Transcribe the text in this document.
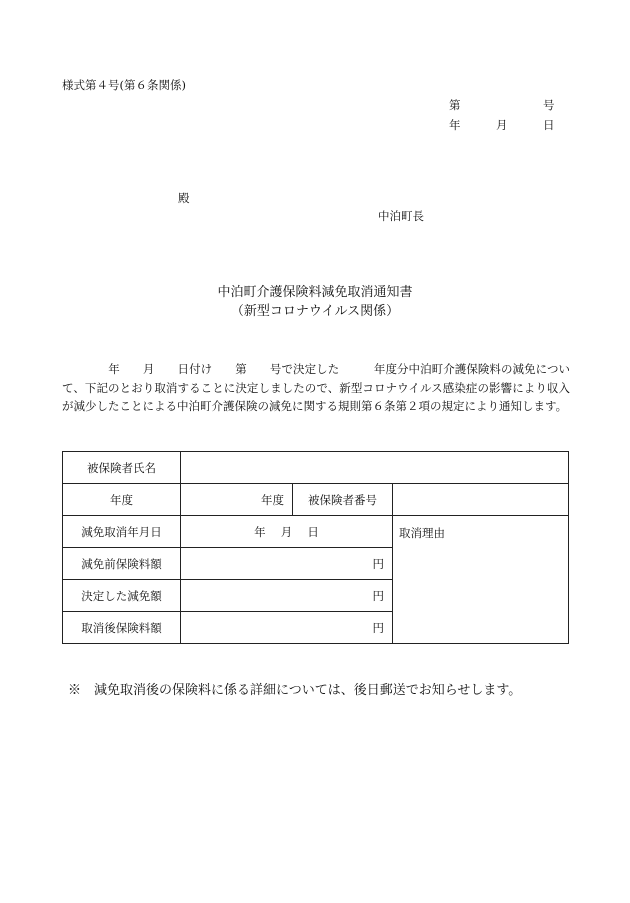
様式第４号(第６条関係)
第	号
年	月	日
殿
中泊町長
中泊町介護保険料減免取消通知書
（新型コロナウイルス関係）
　　　　年　　月　　日付け　　第　　号で決定した　　　年度分中泊町介護保険料の減免について、下記のとおり取消することに決定しましたので、新型コロナウイルス感染症の影響により収入が減少したことによる中泊町介護保険の減免に関する規則第６条第２項の規定により通知します。
被保険者氏名			
年度	年度	被保険者番号	
減免取消年月日	年　 月　 日		取消理由
減免前保険料額	円		
決定した減免額	円		
取消後保険料額	円		
※　減免取消後の保険料に係る詳細については、後日郵送でお知らせします。
